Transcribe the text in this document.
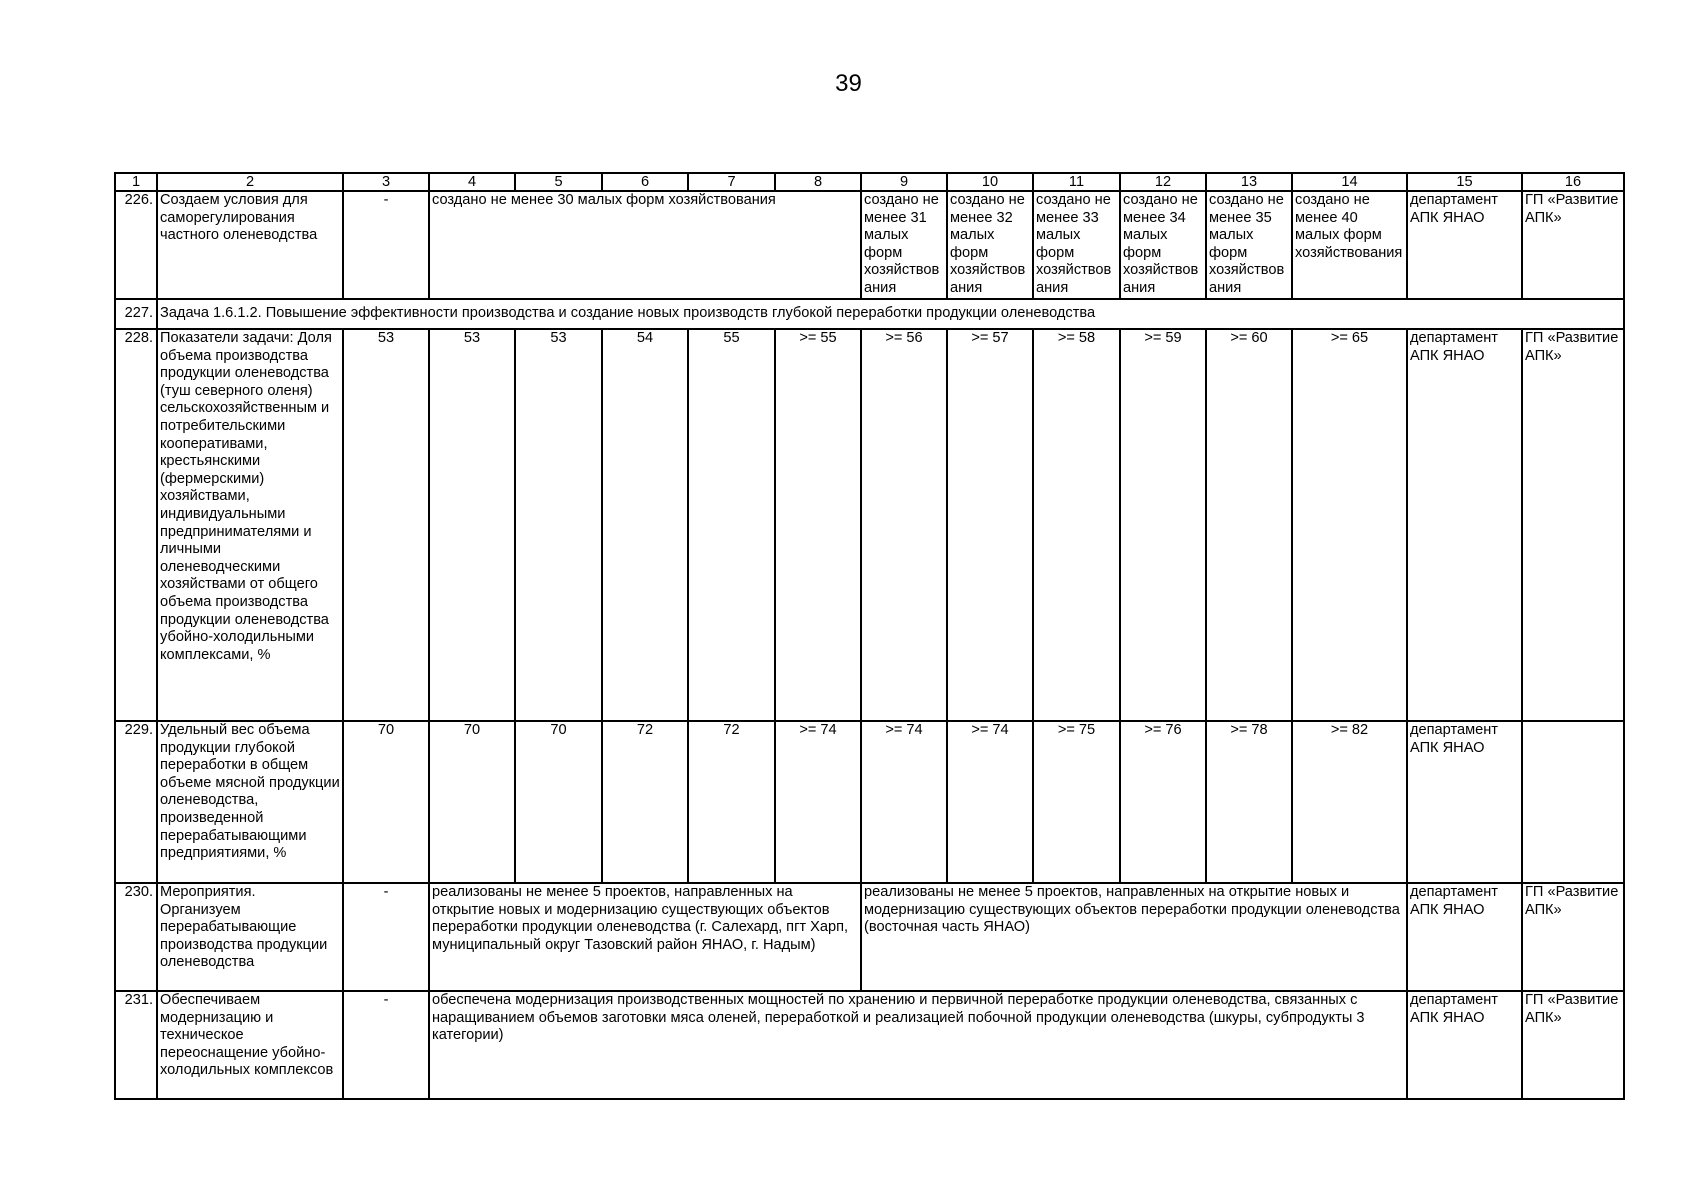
39
1	2	3	4	5	6	7	8	9	10	11	12	13	14	15	16
226.	Создаем условия для саморегулирования частного оленеводства	-	создано не менее 30 малых форм хозяйствования					создано не менее 31 малых форм хозяйствования	создано не менее 32 малых форм хозяйствования	создано не менее 33 малых форм хозяйствования	создано не менее 34 малых форм хозяйствования	создано не менее 35 малых форм хозяйствования	создано не менее 40 малых форм хозяйствования	департамент АПК ЯНАО	ГП «Развитие АПК»
227.	Задача 1.6.1.2. Повышение эффективности производства и создание новых производств глубокой переработки продукции оленеводства														
228.	Показатели задачи: Доля объема производства продукции оленеводства (туш северного оленя) сельскохозяйственным и потребительскими кооперативами, крестьянскими (фермерскими) хозяйствами, индивидуальными предпринимателями и личными оленеводческими хозяйствами от общего объема производства продукции оленеводства убойно-холодильными комплексами, %	53	53	53	54	55	>= 55	>= 56	>= 57	>= 58	>= 59	>= 60	>= 65	департамент АПК ЯНАО	ГП «Развитие АПК»
229.	Удельный вес объема продукции глубокой переработки в общем объеме мясной продукции оленеводства, произведенной перерабатывающими предприятиями, %	70	70	70	72	72	>= 74	>= 74	>= 74	>= 75	>= 76	>= 78	>= 82	департамент АПК ЯНАО	
230.	Мероприятия. Организуем перерабатывающие производства продукции оленеводства	-	реализованы не менее 5 проектов, направленных на открытие новых и модернизацию существующих объектов переработки продукции оленеводства (г. Салехард, пгт Харп, муниципальный округ Тазовский район ЯНАО, г. Надым)					реализованы не менее 5 проектов, направленных на открытие новых и модернизацию существующих объектов переработки продукции оленеводства (восточная часть ЯНАО)						департамент АПК ЯНАО	ГП «Развитие АПК»
231.	Обеспечиваем модернизацию и техническое переоснащение убойно-холодильных комплексов	-	обеспечена модернизация производственных мощностей по хранению и первичной переработке продукции оленеводства, связанных с наращиванием объемов заготовки мяса оленей, переработкой и реализацией побочной продукции оленеводства (шкуры, субпродукты 3 категории)											департамент АПК ЯНАО	ГП «Развитие АПК»
